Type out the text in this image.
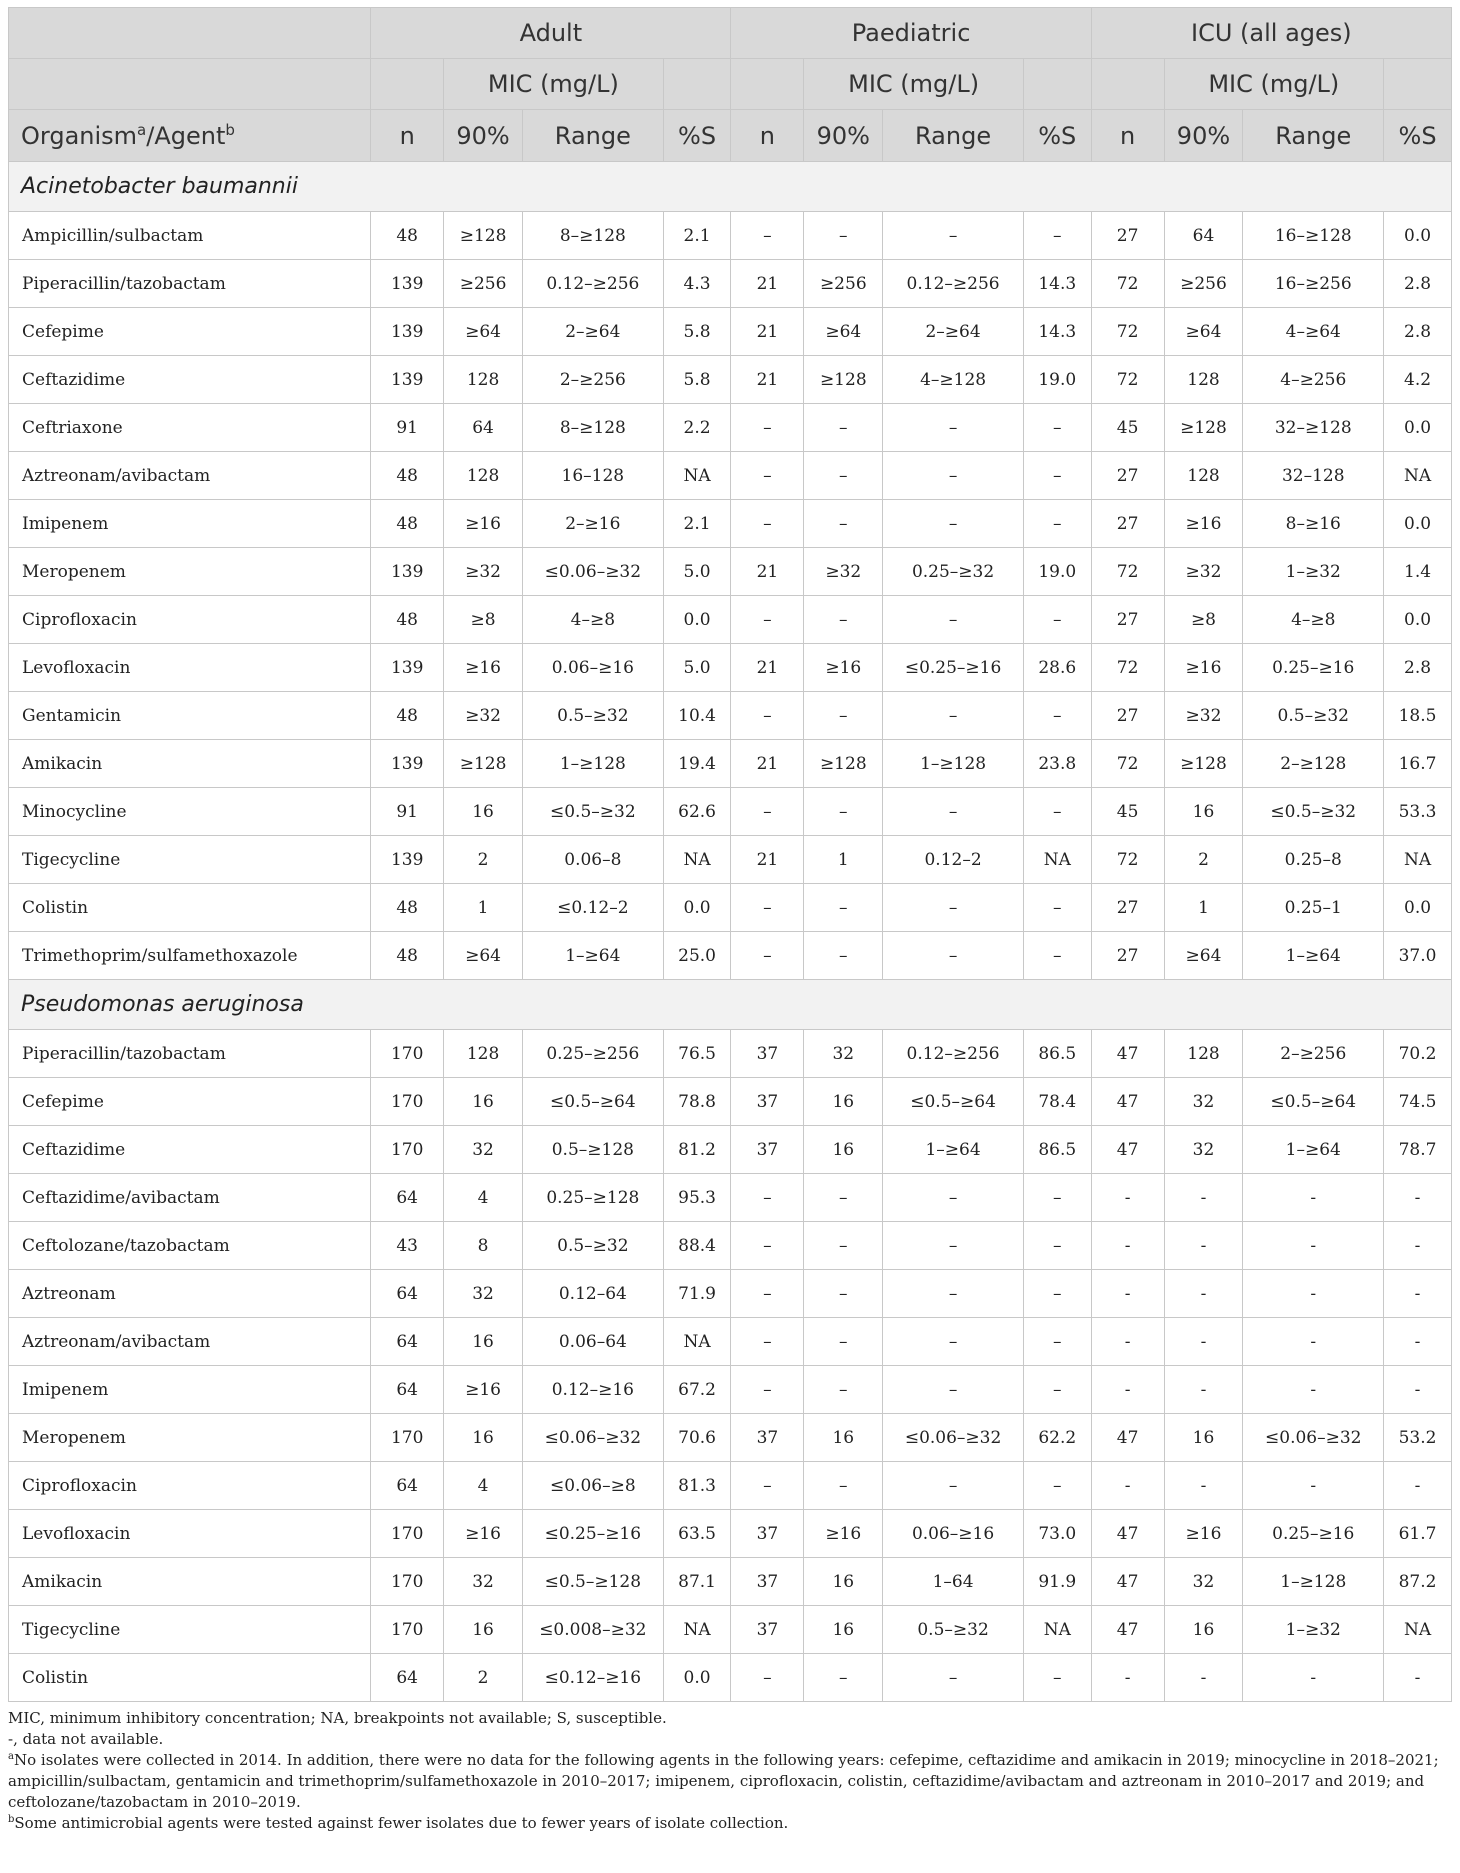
	Adult				Paediatric				ICU (all ages)			
		MIC (mg/L)				MIC (mg/L)				MIC (mg/L)		
Organism$^a$/Agent$^b$	n	90%	Range	%S	n	90%	Range	%S	n	90%	Range	%S
Acinetobacter baumannii												
Ampicillin/sulbactam	48	≥128	8–≥128	2.1	–	–	–	–	27	64	16–≥128	0.0
Piperacillin/tazobactam	139	≥256	0.12–≥256	4.3	21	≥256	0.12–≥256	14.3	72	≥256	16–≥256	2.8
Cefepime	139	≥64	2–≥64	5.8	21	≥64	2–≥64	14.3	72	≥64	4–≥64	2.8
Ceftazidime	139	128	2–≥256	5.8	21	≥128	4–≥128	19.0	72	128	4–≥256	4.2
Ceftriaxone	91	64	8–≥128	2.2	–	–	–	–	45	≥128	32–≥128	0.0
Aztreonam/avibactam	48	128	16–128	NA	–	–	–	–	27	128	32–128	NA
Imipenem	48	≥16	2–≥16	2.1	–	–	–	–	27	≥16	8–≥16	0.0
Meropenem	139	≥32	≤0.06–≥32	5.0	21	≥32	0.25–≥32	19.0	72	≥32	1–≥32	1.4
Ciprofloxacin	48	≥8	4–≥8	0.0	–	–	–	–	27	≥8	4–≥8	0.0
Levofloxacin	139	≥16	0.06–≥16	5.0	21	≥16	≤0.25–≥16	28.6	72	≥16	0.25–≥16	2.8
Gentamicin	48	≥32	0.5–≥32	10.4	–	–	–	–	27	≥32	0.5–≥32	18.5
Amikacin	139	≥128	1–≥128	19.4	21	≥128	1–≥128	23.8	72	≥128	2–≥128	16.7
Minocycline	91	16	≤0.5–≥32	62.6	–	–	–	–	45	16	≤0.5–≥32	53.3
Tigecycline	139	2	0.06–8	NA	21	1	0.12–2	NA	72	2	0.25–8	NA
Colistin	48	1	≤0.12–2	0.0	–	–	–	–	27	1	0.25–1	0.0
Trimethoprim/sulfamethoxazole	48	≥64	1–≥64	25.0	–	–	–	–	27	≥64	1–≥64	37.0
Pseudomonas aeruginosa												
Piperacillin/tazobactam	170	128	0.25–≥256	76.5	37	32	0.12–≥256	86.5	47	128	2–≥256	70.2
Cefepime	170	16	≤0.5–≥64	78.8	37	16	≤0.5–≥64	78.4	47	32	≤0.5–≥64	74.5
Ceftazidime	170	32	0.5–≥128	81.2	37	16	1–≥64	86.5	47	32	1–≥64	78.7
Ceftazidime/avibactam	64	4	0.25–≥128	95.3	–	–	–	–	-	-	-	-
Ceftolozane/tazobactam	43	8	0.5–≥32	88.4	–	–	–	–	-	-	-	-
Aztreonam	64	32	0.12–64	71.9	–	–	–	–	-	-	-	-
Aztreonam/avibactam	64	16	0.06–64	NA	–	–	–	–	-	-	-	-
Imipenem	64	≥16	0.12–≥16	67.2	–	–	–	–	-	-	-	-
Meropenem	170	16	≤0.06–≥32	70.6	37	16	≤0.06–≥32	62.2	47	16	≤0.06–≥32	53.2
Ciprofloxacin	64	4	≤0.06–≥8	81.3	–	–	–	–	-	-	-	-
Levofloxacin	170	≥16	≤0.25–≥16	63.5	37	≥16	0.06–≥16	73.0	47	≥16	0.25–≥16	61.7
Amikacin	170	32	≤0.5–≥128	87.1	37	16	1–64	91.9	47	32	1–≥128	87.2
Tigecycline	170	16	≤0.008–≥32	NA	37	16	0.5–≥32	NA	47	16	1–≥32	NA
Colistin	64	2	≤0.12–≥16	0.0	–	–	–	–	-	-	-	-

MIC, minimum inhibitory concentration; NA, breakpoints not available; S, susceptible.

-, data not available.

$^a$No isolates were collected in 2014. In addition, there were no data for the following agents in the following years: cefepime, ceftazidime and amikacin in 2019; minocycline in 2018–2021; ampicillin/sulbactam, gentamicin and trimethoprim/sulfamethoxazole in 2010–2017; imipenem, ciprofloxacin, colistin, ceftazidime/avibactam and aztreonam in 2010–2017 and 2019; and ceftolozane/tazobactam in 2010–2019.

$^b$Some antimicrobial agents were tested against fewer isolates due to fewer years of isolate collection.
